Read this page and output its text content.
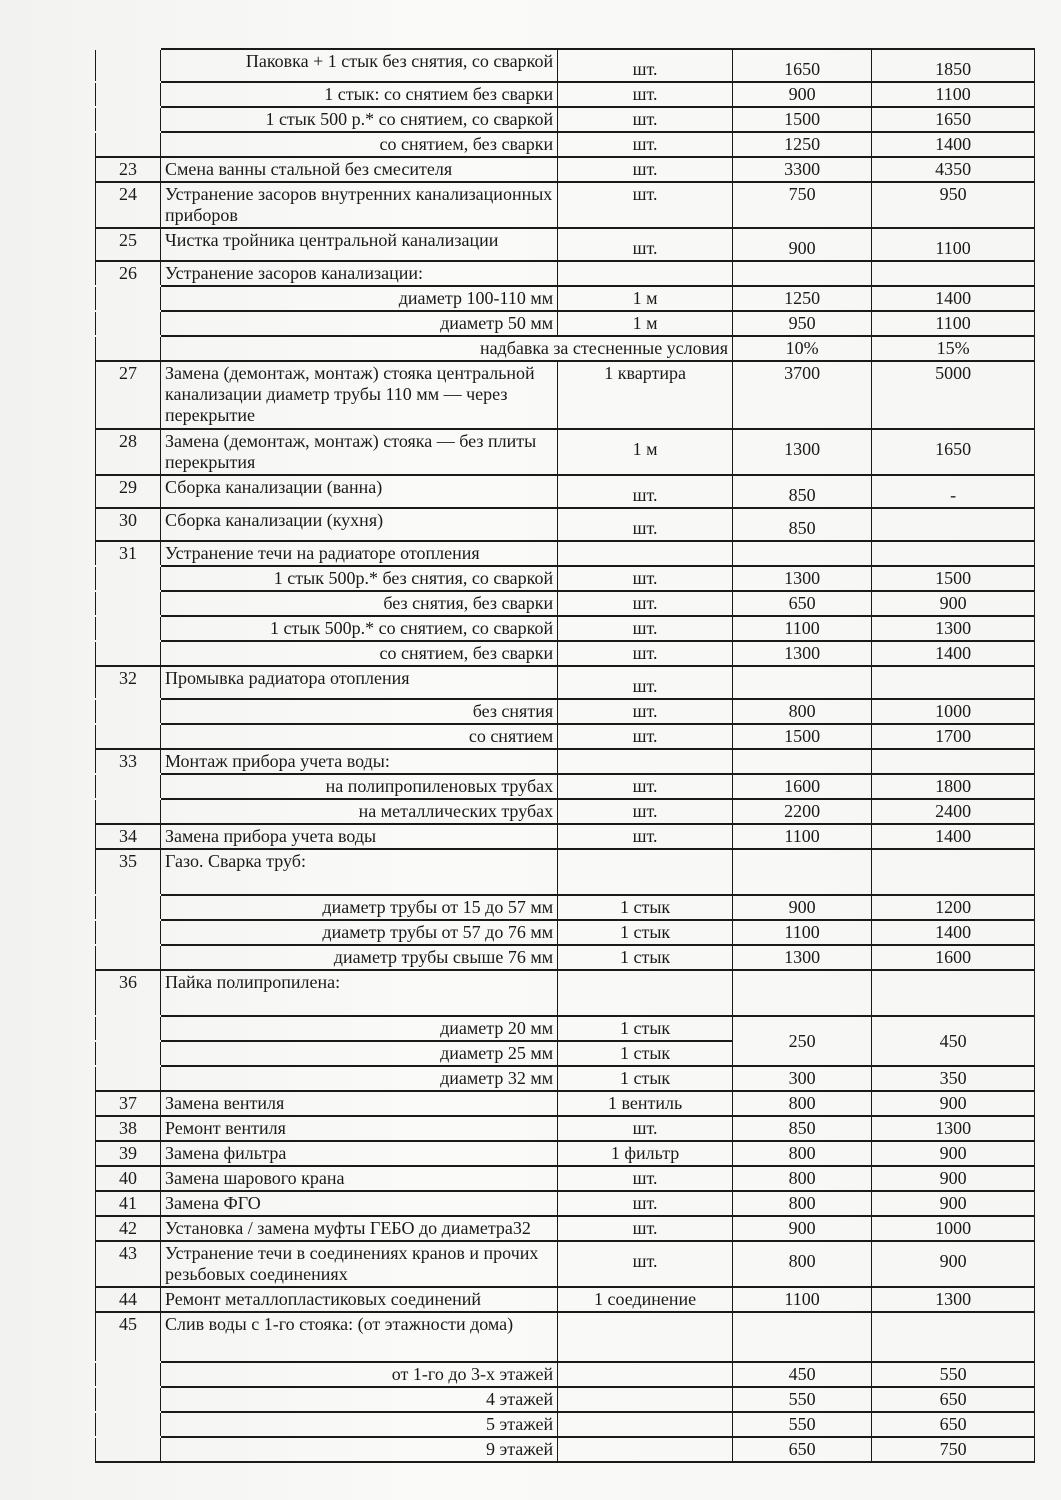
	Паковка + 1 стык без снятия, со сваркой	шт.	1650	1850
	1 стык: со снятием без сварки	шт.	900	1100
	1 стык 500 р.* со снятием, со сваркой	шт.	1500	1650
	со снятием, без сварки	шт.	1250	1400
23	Смена ванны стальной без смесителя	шт.	3300	4350
24	Устранение засоров внутренних канализационных приборов	шт.	750	950
25	Чистка тройника центральной канализации	шт.	900	1100
26	Устранение засоров канализации:			
	диаметр 100-110 мм	1 м	1250	1400
	диаметр 50 мм	1 м	950	1100
	надбавка за стесненные условия		10%	15%
27	Замена (демонтаж, монтаж) стояка центральной канализации диаметр трубы 110 мм — через перекрытие	1 квартира	3700	5000
28	Замена (демонтаж, монтаж) стояка — без плиты перекрытия	1 м	1300	1650
29	Сборка канализации (ванна)	шт.	850	-
30	Сборка канализации (кухня)	шт.	850	
31	Устранение течи на радиаторе отопления			
	1 стык 500р.* без снятия, со сваркой	шт.	1300	1500
	без снятия, без сварки	шт.	650	900
	1 стык 500р.* со снятием, со сваркой	шт.	1100	1300
	со снятием, без сварки	шт.	1300	1400
32	Промывка радиатора отопления	шт.		
	без снятия	шт.	800	1000
	со снятием	шт.	1500	1700
33	Монтаж прибора учета воды:			
	на полипропиленовых трубах	шт.	1600	1800
	на металлических трубах	шт.	2200	2400
34	Замена прибора учета воды	шт.	1100	1400
35	Газо. Сварка труб:			
	диаметр трубы от 15 до 57 мм	1 стык	900	1200
	диаметр трубы от 57 до 76 мм	1 стык	1100	1400
	диаметр трубы свыше 76 мм	1 стык	1300	1600
36	Пайка полипропилена:			
	диаметр 20 мм	1 стык	250	450
	диаметр 25 мм	1 стык		
	диаметр 32 мм	1 стык	300	350
37	Замена вентиля	1 вентиль	800	900
38	Ремонт вентиля	шт.	850	1300
39	Замена фильтра	1 фильтр	800	900
40	Замена шарового крана	шт.	800	900
41	Замена ФГО	шт.	800	900
42	Установка / замена муфты ГЕБО до диаметра32	шт.	900	1000
43	Устранение течи в соединениях кранов и прочих резьбовых соединениях	шт.	800	900
44	Ремонт металлопластиковых соединений	1 соединение	1100	1300
45	Слив воды с 1-го стояка: (от этажности дома)			
	от 1-го до 3-х этажей		450	550
	4 этажей		550	650
	5 этажей		550	650
	9 этажей		650	750
